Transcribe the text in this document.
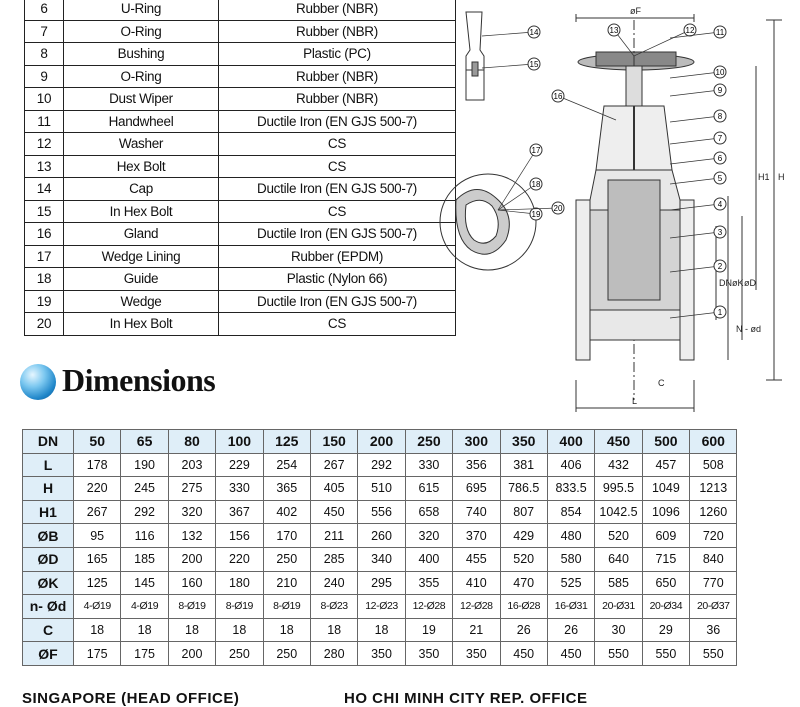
6	U-Ring	Rubber (NBR)
7	O-Ring	Rubber (NBR)
8	Bushing	Plastic (PC)
9	O-Ring	Rubber (NBR)
10	Dust Wiper	Rubber (NBR)
11	Handwheel	Ductile Iron (EN GJS 500-7)
12	Washer	CS
13	Hex Bolt	CS
14	Cap	Ductile Iron (EN GJS 500-7)
15	In Hex Bolt	CS
16	Gland	Ductile Iron (EN GJS 500-7)
17	Wedge Lining	Rubber (EPDM)
18	Guide	Plastic (Nylon 66)
19	Wedge	Ductile Iron (EN GJS 500-7)
20	In Hex Bolt	CS
13	12	11
10
9
8
7
6
5
4
3
2
1
14
15
16
17
18
19
20
øF
H
H1
L
C
DN øK øD
N - ød
Dimensions
DN	50	65	80	100	125	150	200	250	300	350	400	450	500	600
L	178	190	203	229	254	267	292	330	356	381	406	432	457	508
H	220	245	275	330	365	405	510	615	695	786.5	833.5	995.5	1049	1213
H1	267	292	320	367	402	450	556	658	740	807	854	1042.5	1096	1260
ØB	95	116	132	156	170	211	260	320	370	429	480	520	609	720
ØD	165	185	200	220	250	285	340	400	455	520	580	640	715	840
ØK	125	145	160	180	210	240	295	355	410	470	525	585	650	770
n- Ød	4-Ø19	4-Ø19	8-Ø19	8-Ø19	8-Ø19	8-Ø23	12-Ø23	12-Ø28	12-Ø28	16-Ø28	16-Ø31	20-Ø31	20-Ø34	20-Ø37
C	18	18	18	18	18	18	18	19	21	26	26	30	29	36
ØF	175	175	200	250	250	280	350	350	350	450	450	550	550	550
SINGAPORE (HEAD OFFICE)	HO CHI MINH CITY REP. OFFICE
